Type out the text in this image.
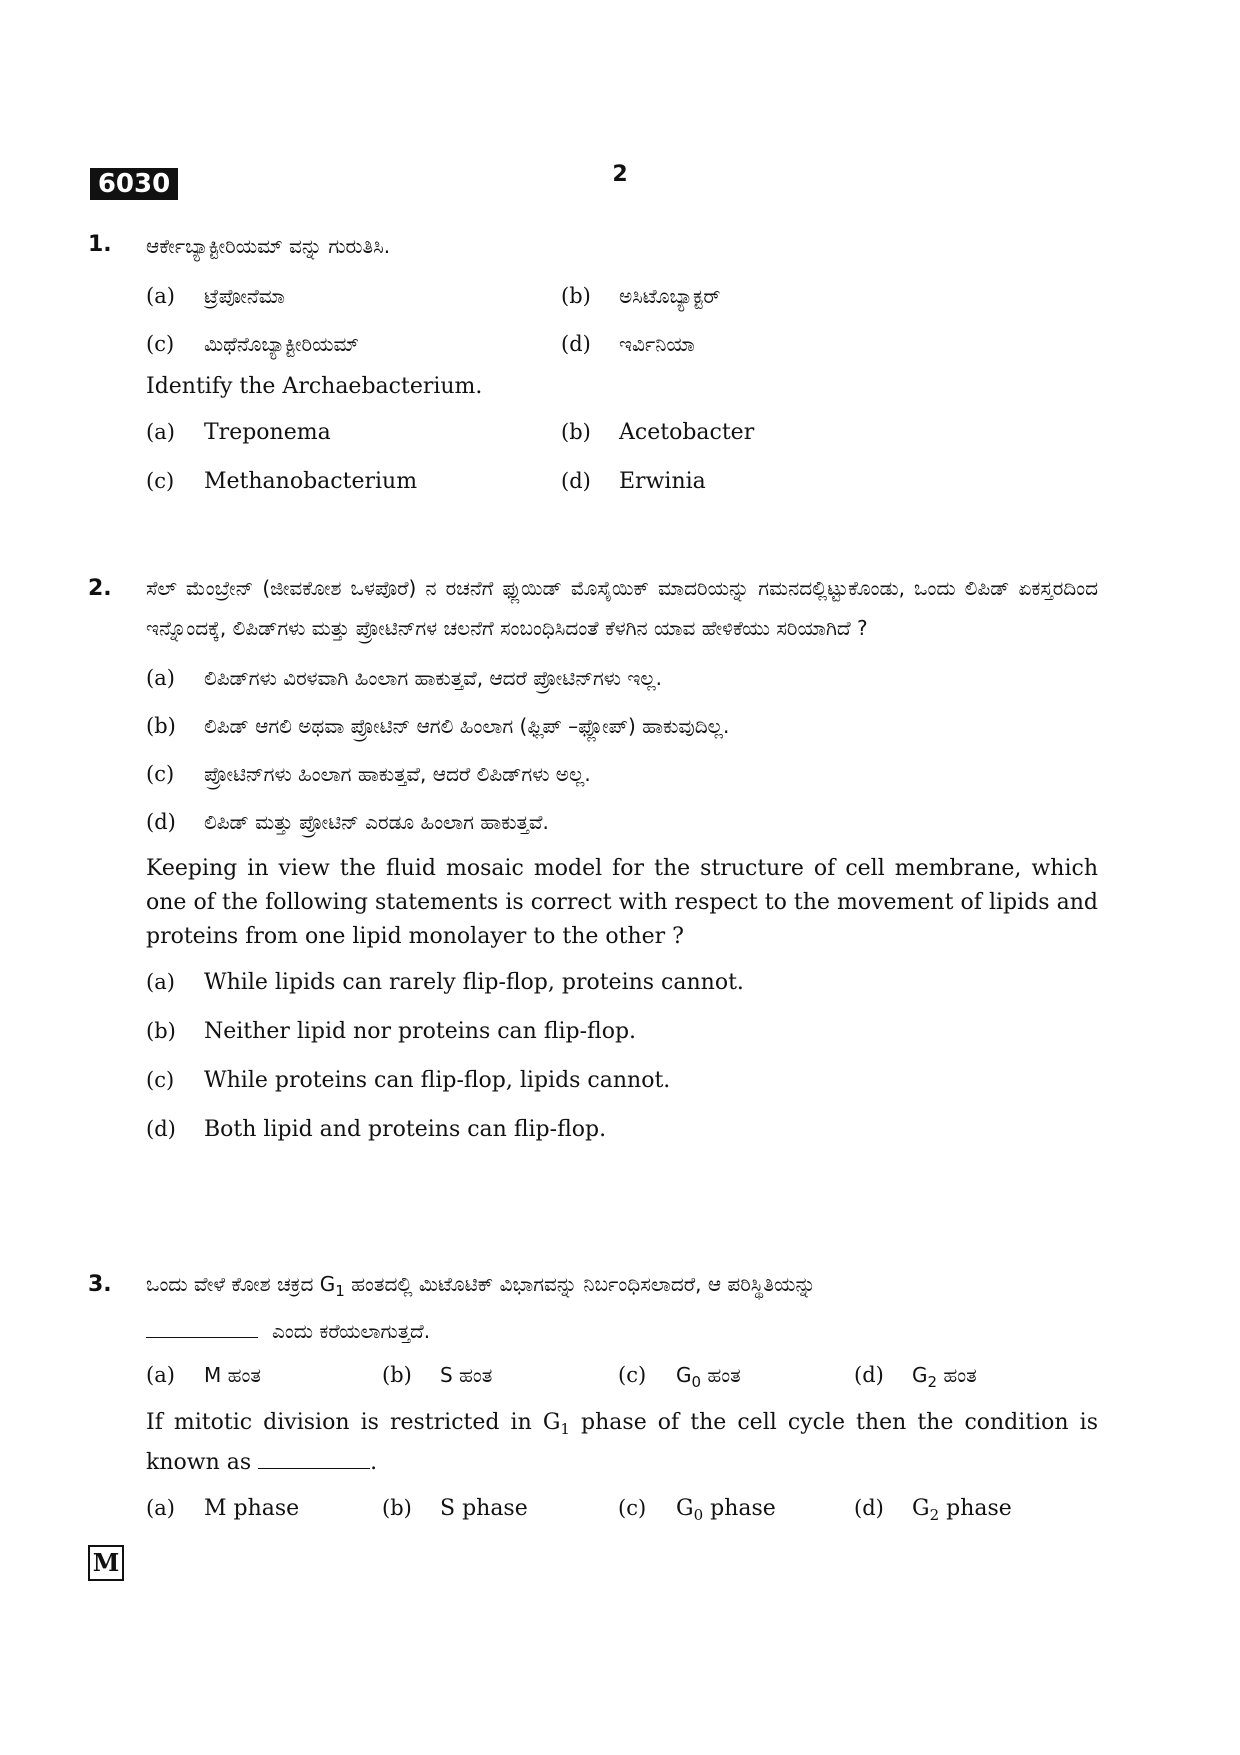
6030	2
1. ಆರ್ಕೇಬ್ಯಾಕ್ಟೀರಿಯಮ್ ವನ್ನು ಗುರುತಿಸಿ.
(a)	ಟ್ರೆಪೋನೆಮಾ	(b)	ಅಸಿಟೊಬ್ಯಾಕ್ಟರ್
(c)	ಮಿಥೆನೊಬ್ಯಾಕ್ಟೀರಿಯಮ್	(d)	ಇರ್ವಿನಿಯಾ
Identify the Archaebacterium.
(a)	Treponema	(b)	Acetobacter
(c)	Methanobacterium	(d)	Erwinia
2. ಸೆಲ್ ಮೆಂಬ್ರೇನ್ (ಜೀವಕೋಶ ಒಳಪೊರೆ) ನ ರಚನೆಗೆ ಫ್ಲುಯಿಡ್ ಮೊಸೈಯಿಕ್ ಮಾದರಿಯನ್ನು ಗಮನದಲ್ಲಿಟ್ಟುಕೊಂಡು, ಒಂದು ಲಿಪಿಡ್ ಏಕಸ್ತರದಿಂದ ಇನ್ನೊಂದಕ್ಕೆ, ಲಿಪಿಡ್‌ಗಳು ಮತ್ತು ಪ್ರೋಟಿನ್‌ಗಳ ಚಲನೆಗೆ ಸಂಬಂಧಿಸಿದಂತೆ ಕೆಳಗಿನ ಯಾವ ಹೇಳಿಕೆಯು ಸರಿಯಾಗಿದೆ ?
(a)	ಲಿಪಿಡ್‌ಗಳು ವಿರಳವಾಗಿ ಹಿಂಲಾಗ ಹಾಕುತ್ತವೆ, ಆದರೆ ಪ್ರೋಟಿನ್‌ಗಳು ಇಲ್ಲ.
(b)	ಲಿಪಿಡ್ ಆಗಲಿ ಅಥವಾ ಪ್ರೋಟಿನ್ ಆಗಲಿ ಹಿಂಲಾಗ (ಫ್ಲಿಪ್ –ಫ್ಲೋಪ್) ಹಾಕುವುದಿಲ್ಲ.
(c)	ಪ್ರೋಟಿನ್‌ಗಳು ಹಿಂಲಾಗ ಹಾಕುತ್ತವೆ, ಆದರೆ ಲಿಪಿಡ್‌ಗಳು ಅಲ್ಲ.
(d)	ಲಿಪಿಡ್ ಮತ್ತು ಪ್ರೋಟಿನ್ ಎರಡೂ ಹಿಂಲಾಗ ಹಾಕುತ್ತವೆ.
Keeping in view the fluid mosaic model for the structure of cell membrane, which one of the following statements is correct with respect to the movement of lipids and proteins from one lipid monolayer to the other ?
(a)	While lipids can rarely flip-flop, proteins cannot.
(b)	Neither lipid nor proteins can flip-flop.
(c)	While proteins can flip-flop, lipids cannot.
(d)	Both lipid and proteins can flip-flop.
3. ಒಂದು ವೇಳೆ ಕೋಶ ಚಕ್ರದ $G_1$ ಹಂತದಲ್ಲಿ ಮಿಟೊಟಿಕ್ ವಿಭಾಗವನ್ನು ನಿರ್ಬಂಧಿಸಲಾದರೆ, ಆ ಪರಿಸ್ಥಿತಿಯನ್ನು
ಎಂದು ಕರೆಯಲಾಗುತ್ತದೆ.
(a)	M ಹಂತ	(b)	S ಹಂತ	(c)	$G_0$ ಹಂತ	(d)	$G_2$ ಹಂತ
If mitotic division is restricted in $G_1$ phase of the cell cycle then the condition is known as	.
(a)	M phase	(b)	S phase	(c)	$G_0$ phase	(d)	$G_2$ phase
M
